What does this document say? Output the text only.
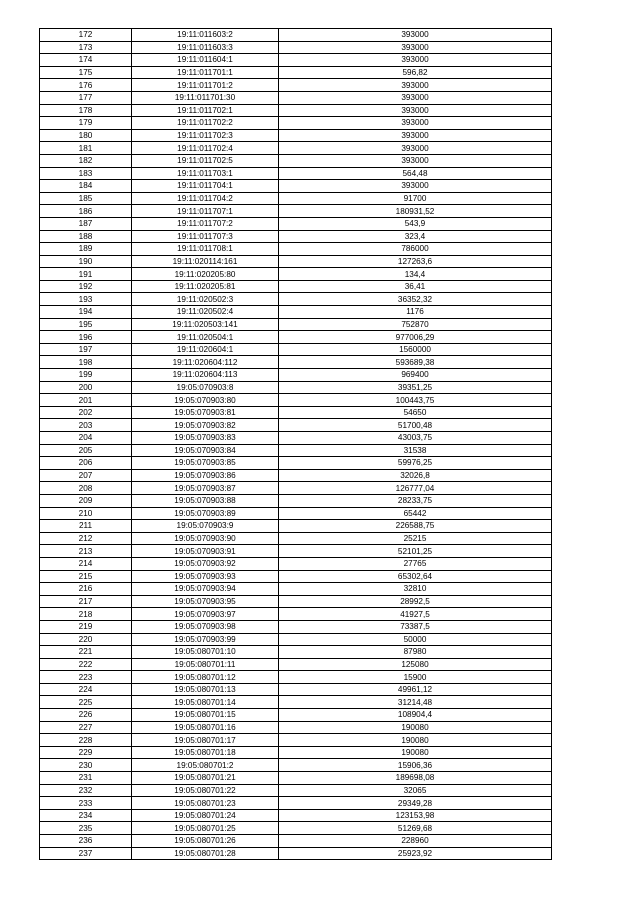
172	19:11:011603:2	393000
173	19:11:011603:3	393000
174	19:11:011604:1	393000
175	19:11:011701:1	596,82
176	19:11:011701:2	393000
177	19:11:011701:30	393000
178	19:11:011702:1	393000
179	19:11:011702:2	393000
180	19:11:011702:3	393000
181	19:11:011702:4	393000
182	19:11:011702:5	393000
183	19:11:011703:1	564,48
184	19:11:011704:1	393000
185	19:11:011704:2	91700
186	19:11:011707:1	180931,52
187	19:11:011707:2	543,9
188	19:11:011707:3	323,4
189	19:11:011708:1	786000
190	19:11:020114:161	127263,6
191	19:11:020205:80	134,4
192	19:11:020205:81	36,41
193	19:11:020502:3	36352,32
194	19:11:020502:4	1176
195	19:11:020503:141	752870
196	19:11:020504:1	977006,29
197	19:11:020604:1	1560000
198	19:11:020604:112	593689,38
199	19:11:020604:113	969400
200	19:05:070903:8	39351,25
201	19:05:070903:80	100443,75
202	19:05:070903:81	54650
203	19:05:070903:82	51700,48
204	19:05:070903:83	43003,75
205	19:05:070903:84	31538
206	19:05:070903:85	59976,25
207	19:05:070903:86	32026,8
208	19:05:070903:87	126777,04
209	19:05:070903:88	28233,75
210	19:05:070903:89	65442
211	19:05:070903:9	226588,75
212	19:05:070903:90	25215
213	19:05:070903:91	52101,25
214	19:05:070903:92	27765
215	19:05:070903:93	65302,64
216	19:05:070903:94	32810
217	19:05:070903:95	28992,5
218	19:05:070903:97	41927,5
219	19:05:070903:98	73387,5
220	19:05:070903:99	50000
221	19:05:080701:10	87980
222	19:05:080701:11	125080
223	19:05:080701:12	15900
224	19:05:080701:13	49961,12
225	19:05:080701:14	31214,48
226	19:05:080701:15	108904,4
227	19:05:080701:16	190080
228	19:05:080701:17	190080
229	19:05:080701:18	190080
230	19:05:080701:2	15906,36
231	19:05:080701:21	189698,08
232	19:05:080701:22	32065
233	19:05:080701:23	29349,28
234	19:05:080701:24	123153,98
235	19:05:080701:25	51269,68
236	19:05:080701:26	228960
237	19:05:080701:28	25923,92
